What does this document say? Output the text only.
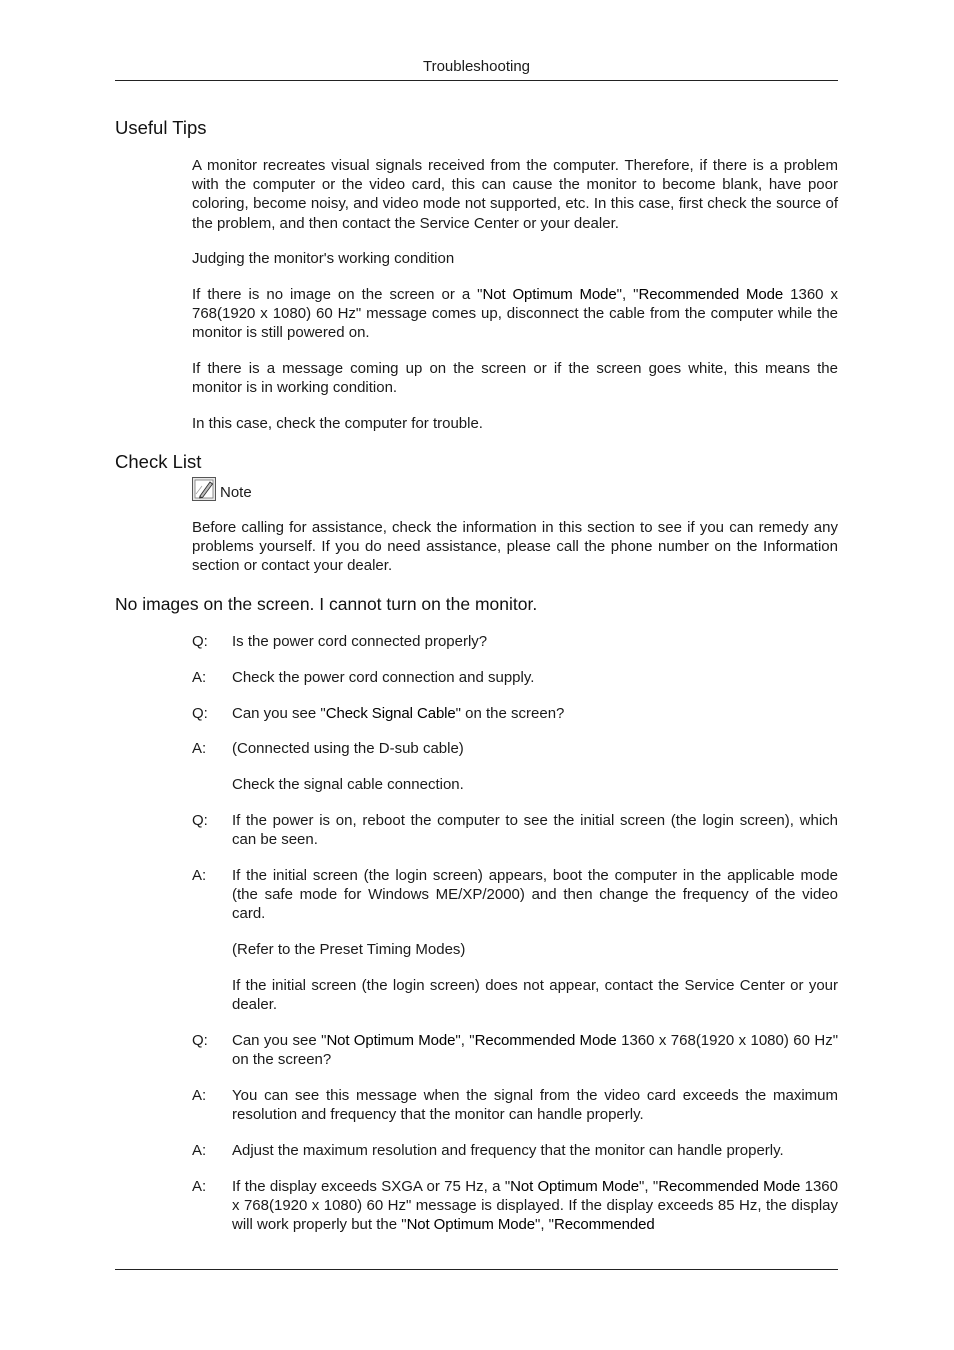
Troubleshooting
Useful Tips

A monitor recreates visual signals received from the computer. Therefore, if there is a problem with the computer or the video card, this can cause the monitor to become blank, have poor coloring, become noisy, and video mode not supported, etc. In this case, first check the source of the problem, and then contact the Service Center or your dealer.

Judging the monitor's working condition

If there is no image on the screen or a "Not Optimum Mode", "Recommended Mode 1360 x 768(1920 x 1080) 60 Hz" message comes up, disconnect the cable from the computer while the monitor is still powered on.

If there is a message coming up on the screen or if the screen goes white, this means the monitor is in working condition.

In this case, check the computer for trouble.

Check List
Note

Before calling for assistance, check the information in this section to see if you can remedy any problems yourself. If you do need assistance, please call the phone number on the Information section or contact your dealer.

No images on the screen. I cannot turn on the monitor.
Q:	Is the power cord connected properly?
A:	Check the power cord connection and supply.
Q:	Can you see "Check Signal Cable" on the screen?
A:	(Connected using the D-sub cable)
Check the signal cable connection.
Q:	If the power is on, reboot the computer to see the initial screen (the login screen), which can be seen.
A:	If the initial screen (the login screen) appears, boot the computer in the applicable mode (the safe mode for Windows ME/XP/2000) and then change the frequency of the video card.
(Refer to the Preset Timing Modes)
If the initial screen (the login screen) does not appear, contact the Service Center or your dealer.
Q:	Can you see "Not Optimum Mode", "Recommended Mode 1360 x 768(1920 x 1080) 60 Hz" on the screen?
A:	You can see this message when the signal from the video card exceeds the maximum resolution and frequency that the monitor can handle properly.
A:	Adjust the maximum resolution and frequency that the monitor can handle properly.
A:	If the display exceeds SXGA or 75 Hz, a "Not Optimum Mode", "Recommended Mode 1360 x 768(1920 x 1080) 60 Hz" message is displayed. If the display exceeds 85 Hz, the display will work properly but the "Not Optimum Mode", "Recommended
